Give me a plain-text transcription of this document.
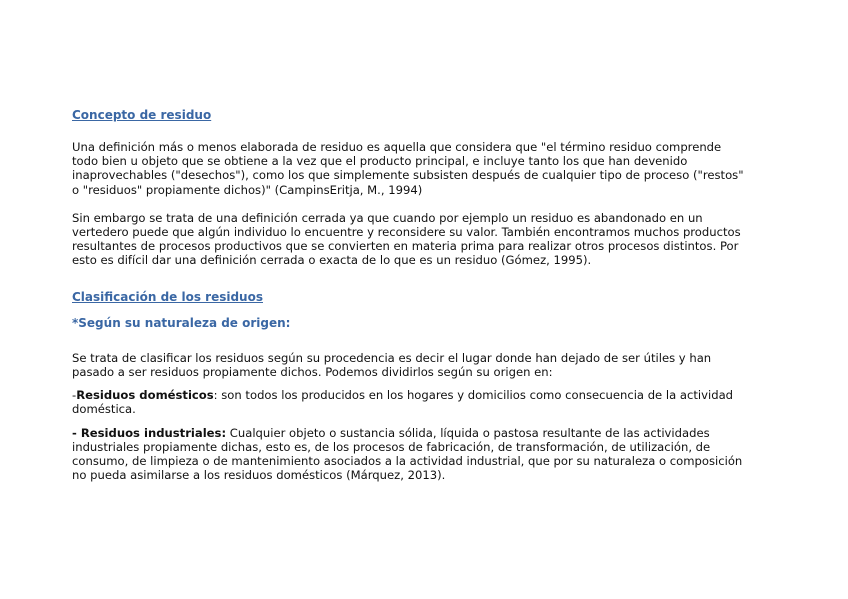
Concepto de residuo
Una definición más o menos elaborada de residuo es aquella que considera que "el término residuo comprende
todo bien u objeto que se obtiene a la vez que el producto principal, e incluye tanto los que han devenido
inaprovechables ("desechos"), como los que simplemente subsisten después de cualquier tipo de proceso ("restos"
o "residuos" propiamente dichos)" (CampinsEritja, M., 1994)
Sin embargo se trata de una definición cerrada ya que cuando por ejemplo un residuo es abandonado en un
vertedero puede que algún individuo lo encuentre y reconsidere su valor. También encontramos muchos productos
resultantes de procesos productivos que se convierten en materia prima para realizar otros procesos distintos. Por
esto es difícil dar una definición cerrada o exacta de lo que es un residuo (Gómez, 1995).
Clasificación de los residuos
*Según su naturaleza de origen:
Se trata de clasificar los residuos según su procedencia es decir el lugar donde han dejado de ser útiles y han
pasado a ser residuos propiamente dichos. Podemos dividirlos según su origen en:
-Residuos domésticos: son todos los producidos en los hogares y domicilios como consecuencia de la actividad
doméstica.
- Residuos industriales: Cualquier objeto o sustancia sólida, líquida o pastosa resultante de las actividades
industriales propiamente dichas, esto es, de los procesos de fabricación, de transformación, de utilización, de
consumo, de limpieza o de mantenimiento asociados a la actividad industrial, que por su naturaleza o composición
no pueda asimilarse a los residuos domésticos (Márquez, 2013).
